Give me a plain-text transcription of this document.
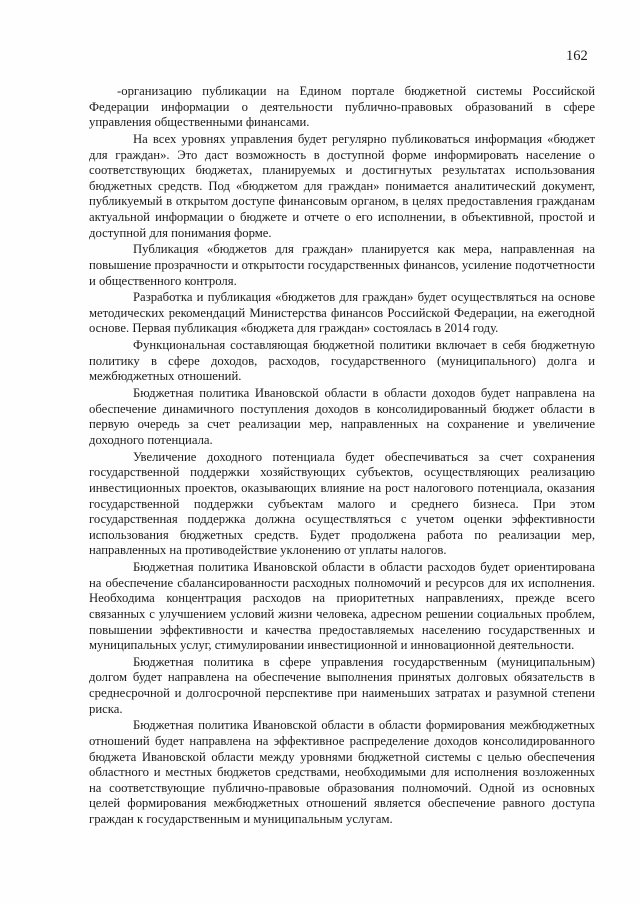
162

-организацию публикации на Едином портале бюджетной системы Российской Федерации информации о деятельности публично-правовых образований в сфере управления общественными финансами.

На всех уровнях управления будет регулярно публиковаться информация «бюджет для граждан». Это даст возможность в доступной форме информировать население о соответствующих бюджетах, планируемых и достигнутых результатах использования бюджетных средств. Под «бюджетом для граждан» понимается аналитический документ, публикуемый в открытом доступе финансовым органом, в целях предоставления гражданам актуальной информации о бюджете и отчете о его исполнении, в объективной, простой и доступной для понимания форме.

Публикация «бюджетов для граждан» планируется как мера, направленная на повышение прозрачности и открытости государственных финансов, усиление подотчетности и общественного контроля.

Разработка и публикация «бюджетов для граждан» будет осуществляться на основе методических рекомендаций Министерства финансов Российской Федерации, на ежегодной основе. Первая публикация «бюджета для граждан» состоялась в 2014 году.

Функциональная составляющая бюджетной политики включает в себя бюджетную политику в сфере доходов, расходов, государственного (муниципального) долга и межбюджетных отношений.

Бюджетная политика Ивановской области в области доходов будет направлена на обеспечение динамичного поступления доходов в консолидированный бюджет области в первую очередь за счет реализации мер, направленных на сохранение и увеличение доходного потенциала.

Увеличение доходного потенциала будет обеспечиваться за счет сохранения государственной поддержки хозяйствующих субъектов, осуществляющих реализацию инвестиционных проектов, оказывающих влияние на рост налогового потенциала, оказания государственной поддержки субъектам малого и среднего бизнеса. При этом государственная поддержка должна осуществляться с учетом оценки эффективности использования бюджетных средств. Будет продолжена работа по реализации мер, направленных на противодействие уклонению от уплаты налогов.

Бюджетная политика Ивановской области в области расходов будет ориентирована на обеспечение сбалансированности расходных полномочий и ресурсов для их исполнения. Необходима концентрация расходов на приоритетных направлениях, прежде всего связанных с улучшением условий жизни человека, адресном решении социальных проблем, повышении эффективности и качества предоставляемых населению государственных и муниципальных услуг, стимулировании инвестиционной и инновационной деятельности.

Бюджетная политика в сфере управления государственным (муниципальным) долгом будет направлена на обеспечение выполнения принятых долговых обязательств в среднесрочной и долгосрочной перспективе при наименьших затратах и разумной степени риска.

Бюджетная политика Ивановской области в области формирования межбюджетных отношений будет направлена на эффективное распределение доходов консолидированного бюджета Ивановской области между уровнями бюджетной системы с целью обеспечения областного и местных бюджетов средствами, необходимыми для исполнения возложенных на соответствующие публично-правовые образования полномочий. Одной из основных целей формирования межбюджетных отношений является обеспечение равного доступа граждан к государственным и муниципальным услугам.
